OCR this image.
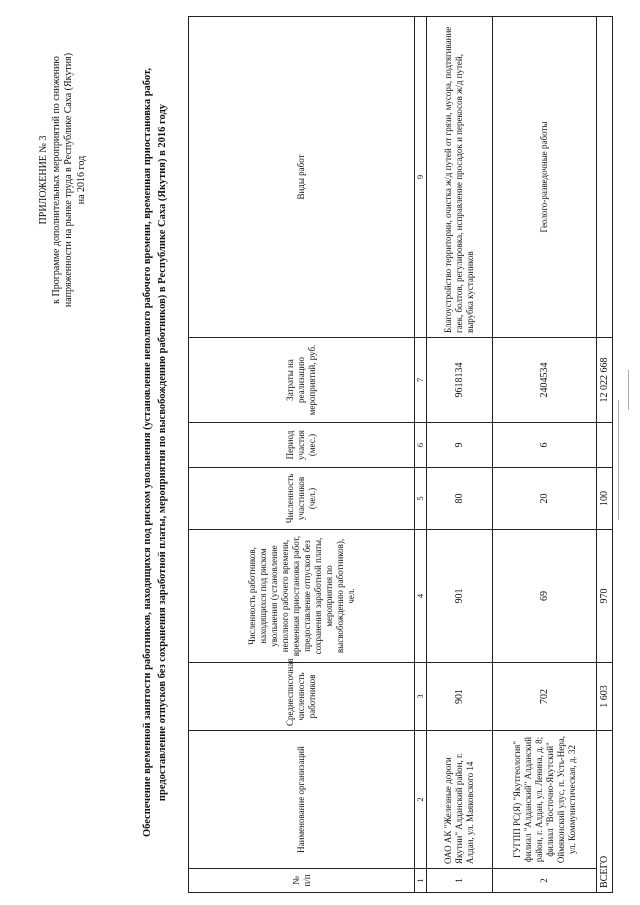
ПРИЛОЖЕНИЕ № 3 к Программе дополнительных мероприятий по снижению напряженности на рынке труда в Республике Саха (Якутия) на 2016 год	Обеспечение временной занятости работников, находящихся под риском увольнения (установление неполного рабочего времени, временная приостановка работ, предоставление отпусков без сохранения заработной платы, мероприятия по высвобождению работников) в Республике Саха (Якутия) в 2016 году
№ п/п	Наименование организаций	Среднесписочная численность работников	Численность работников, находящихся под риском увольнения (установление неполного рабочего времени, временная приостановка работ, предоставление отпусков без сохранения заработной платы, мероприятия по высвобождению работников), чел.	Численность участников (чел.)	Период участия (мес.)	Затраты на реализацию мероприятий, руб.	Виды работ
1	2	3	4	5	6	7	9
1	ОАО АК "Железные дороги Якутии" Алданский район, г. Алдан, ул. Маяковского 14	901	901	80	9	9618134	Благоустройство территории, очистка ж/д путей от грязи, мусора, подтягивание гаек, болтов, регулировка, исправление просадок и перекосов ж/д путей, вырубка кустарников
2	ГУГПП РС(Я) "Якутгеология" филиал "Алданский" Алданский район, г. Алдан, ул. Ленина, д. 8; филиал "Восточно-Якутский" Оймяконский улус, п. Усть-Нера, ул. Коммунистическая, д. 32	702	69	20	6	2404534	Геолого-разведочные работы
ВСЕГО		1 603	970	100		12 022 668	
